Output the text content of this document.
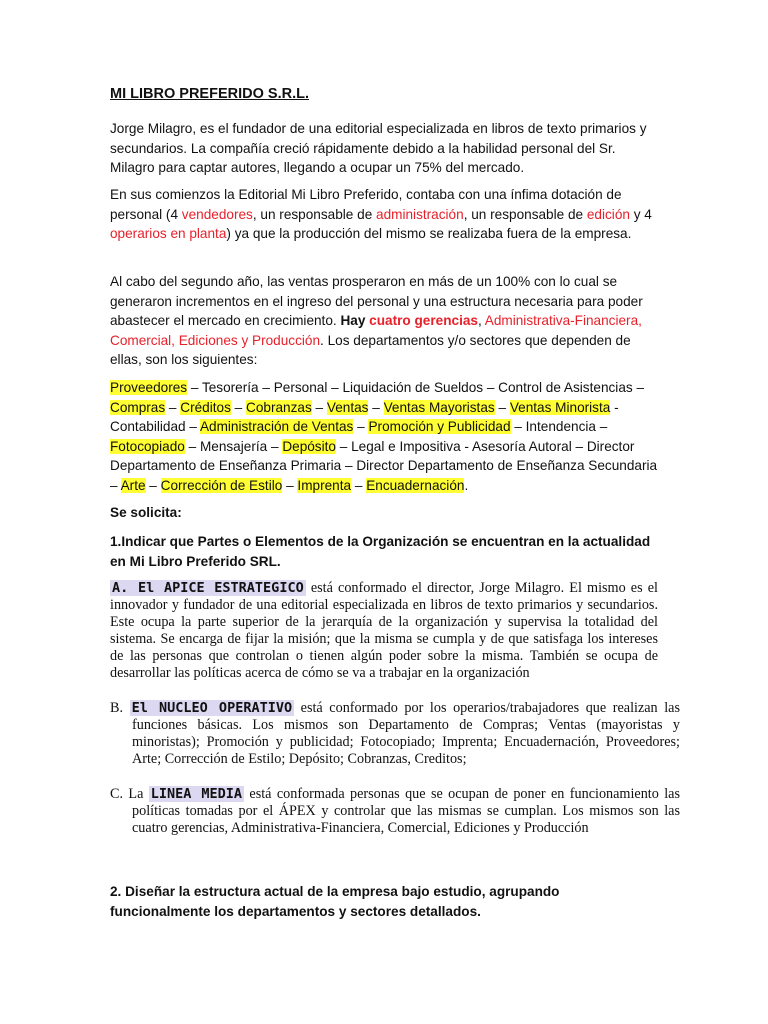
MI LIBRO PREFERIDO S.R.L.

Jorge Milagro, es el fundador de una editorial especializada en libros de texto primarios y secundarios. La compañía creció rápidamente debido a la habilidad personal del Sr. Milagro para captar autores, llegando a ocupar un 75% del mercado.

En sus comienzos la Editorial Mi Libro Preferido, contaba con una ínfima dotación de personal (4 vendedores, un responsable de administración, un responsable de edición y 4 operarios en planta) ya que la producción del mismo se realizaba fuera de la empresa.

Al cabo del segundo año, las ventas prosperaron en más de un 100% con lo cual se generaron incrementos en el ingreso del personal y una estructura necesaria para poder abastecer el mercado en crecimiento. Hay cuatro gerencias, Administrativa-Financiera, Comercial, Ediciones y Producción. Los departamentos y/o sectores que dependen de ellas, son los siguientes:

Proveedores – Tesorería – Personal – Liquidación de Sueldos – Control de Asistencias – Compras – Créditos – Cobranzas – Ventas – Ventas Mayoristas – Ventas Minorista - Contabilidad – Administración de Ventas – Promoción y Publicidad – Intendencia – Fotocopiado – Mensajería – Depósito – Legal e Impositiva - Asesoría Autoral – Director Departamento de Enseñanza Primaria – Director Departamento de Enseñanza Secundaria – Arte – Corrección de Estilo – Imprenta – Encuadernación.

Se solicita:

1.Indicar que Partes o Elementos de la Organización se encuentran en la actualidad en Mi Libro Preferido SRL.

A. El APICE ESTRATEGICO está conformado el director, Jorge Milagro. El mismo es el innovador y fundador de una editorial especializada en libros de texto primarios y secundarios. Este ocupa la parte superior de la jerarquía de la organización y supervisa la totalidad del sistema. Se encarga de fijar la misión; que la misma se cumpla y de que satisfaga los intereses de las personas que controlan o tienen algún poder sobre la misma. También se ocupa de desarrollar las políticas acerca de cómo se va a trabajar en la organización

B. El NUCLEO OPERATIVO está conformado por los operarios/trabajadores que realizan las funciones básicas. Los mismos son Departamento de Compras; Ventas (mayoristas y minoristas); Promoción y publicidad; Fotocopiado; Imprenta; Encuadernación, Proveedores; Arte; Corrección de Estilo; Depósito; Cobranzas, Creditos;

C. La LINEA MEDIA está conformada personas que se ocupan de poner en funcionamiento las políticas tomadas por el ÁPEX y controlar que las mismas se cumplan. Los mismos son las cuatro gerencias, Administrativa-Financiera, Comercial, Ediciones y Producción

2. Diseñar la estructura actual de la empresa bajo estudio, agrupando funcionalmente los departamentos y sectores detallados.
